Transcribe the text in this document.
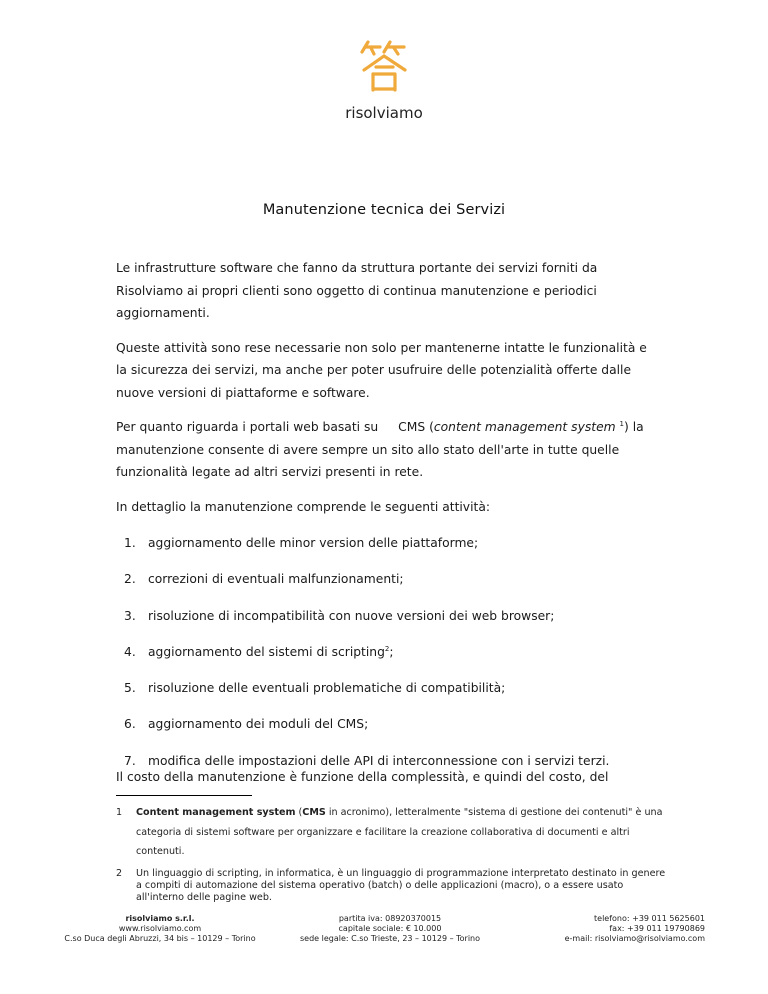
risolviamo
Manutenzione tecnica dei Servizi

Le infrastrutture software che fanno da struttura portante dei servizi forniti da Risolviamo ai propri clienti sono oggetto di continua manutenzione e periodici aggiornamenti.

Queste attività sono rese necessarie non solo per mantenerne intatte le funzionalità e la sicurezza dei servizi, ma anche per poter usufruire delle potenzialità offerte dalle nuove versioni di piattaforme e software.

Per quanto riguarda i portali web basati su CMS (content management system $^1$) la

manutenzione consente di avere sempre un sito allo stato dell'arte in tutte quelle funzionalità legate ad altri servizi presenti in rete.

In dettaglio la manutenzione comprende le seguenti attività:

1. aggiornamento delle minor version delle piattaforme;
2. correzioni di eventuali malfunzionamenti;
3. risoluzione di incompatibilità con nuove versioni dei web browser;
4. aggiornamento del sistemi di scripting$^2$;
5. risoluzione delle eventuali problematiche di compatibilità;
6. aggiornamento dei moduli del CMS;
7. modifica delle impostazioni delle API di interconnessione con i servizi terzi.
Il costo della manutenzione è funzione della complessità, e quindi del costo, del
1	Content management system (CMS in acronimo), letteralmente "sistema di gestione dei contenuti" è una categoria di sistemi software per organizzare e facilitare la creazione collaborativa di documenti e altri contenuti.
2	Un linguaggio di scripting, in informatica, è un linguaggio di programmazione interpretato destinato in genere a compiti di automazione del sistema operativo (batch) o delle applicazioni (macro), o a essere usato all'interno delle pagine web.
risolviamo s.r.l.
www.risolviamo.com
C.so Duca degli Abruzzi, 34 bis – 10129 – Torino
partita iva: 08920370015
capitale sociale: € 10.000
sede legale: C.so Trieste, 23 – 10129 – Torino
telefono: +39 011 5625601
fax: +39 011 19790869
e-mail: risolviamo@risolviamo.com
